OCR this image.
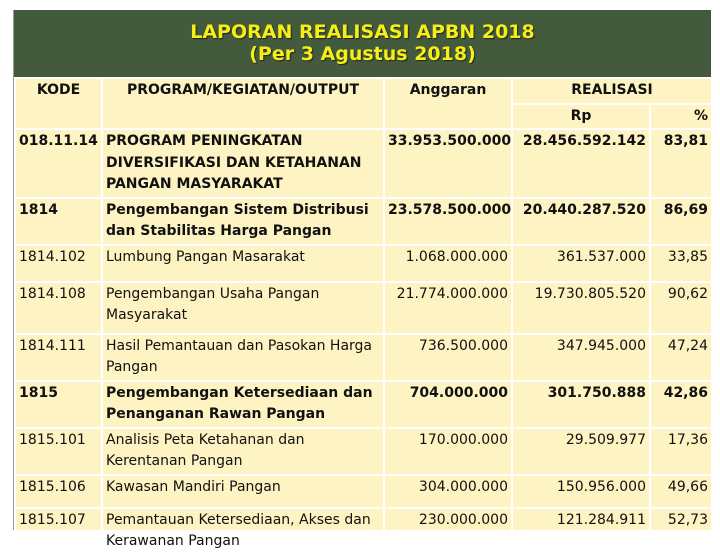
LAPORAN REALISASI APBN 2018
(Per 3 Agustus 2018)
KODE	PROGRAM/KEGIATAN/OUTPUT	Anggaran	REALISASI	
			Rp	%
018.11.14	PROGRAM PENINGKATAN DIVERSIFIKASI DAN KETAHANAN PANGAN MASYARAKAT	33.953.500.000	28.456.592.142	83,81
1814	Pengembangan Sistem Distribusi dan Stabilitas Harga Pangan	23.578.500.000	20.440.287.520	86,69
1814.102	Lumbung Pangan Masarakat	1.068.000.000	361.537.000	33,85
1814.108	Pengembangan Usaha Pangan Masyarakat	21.774.000.000	19.730.805.520	90,62
1814.111	Hasil Pemantauan dan Pasokan Harga Pangan	736.500.000	347.945.000	47,24
1815	Pengembangan Ketersediaan dan Penanganan Rawan Pangan	704.000.000	301.750.888	42,86
1815.101	Analisis Peta Ketahanan dan Kerentanan Pangan	170.000.000	29.509.977	17,36
1815.106	Kawasan Mandiri Pangan	304.000.000	150.956.000	49,66
1815.107	Pemantauan Ketersediaan, Akses dan Kerawanan Pangan	230.000.000	121.284.911	52,73
